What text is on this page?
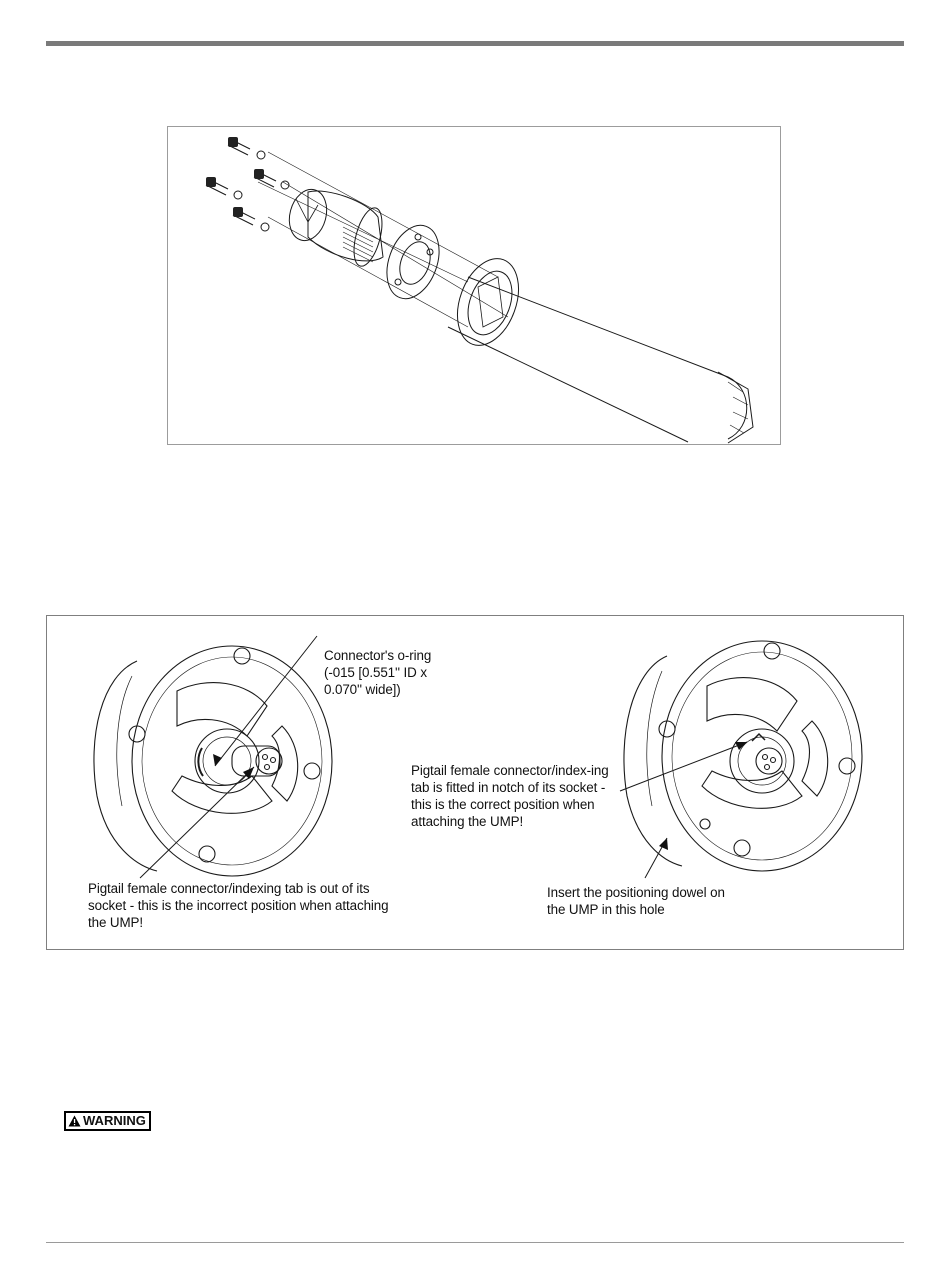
Connector's o-ring (-015 [0.551'' ID x 0.070'' wide])
Pigtail female connector/indexing tab is out of its socket - this is the incorrect position when attaching the UMP!
Pigtail female connector/index-ing tab is fitted in notch of its socket - this is the correct position when attaching the UMP!
Insert the positioning dowel on the UMP in this hole
WARNING
